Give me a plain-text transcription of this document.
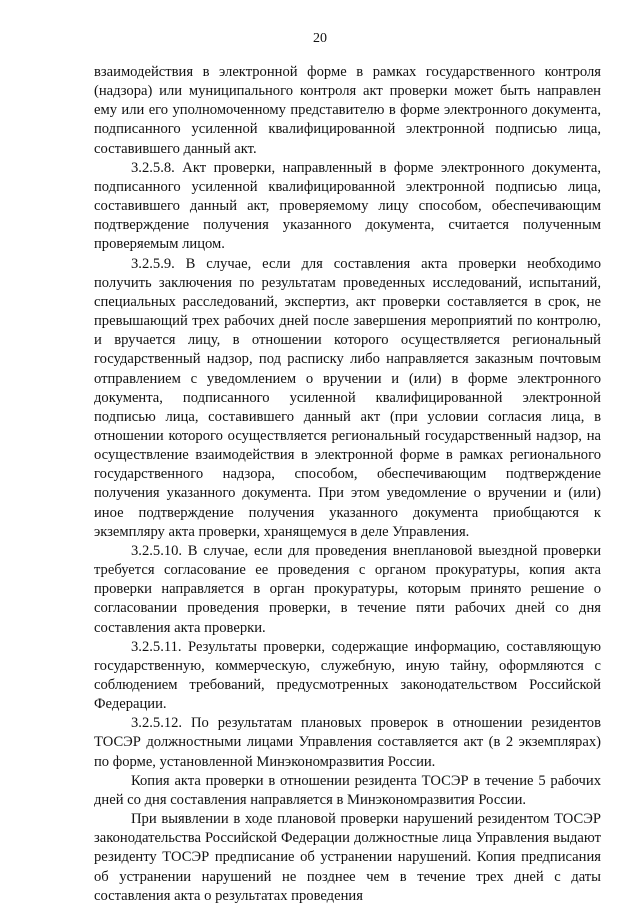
20

взаимодействия в электронной форме в рамках государственного контроля (надзора) или муниципального контроля акт проверки может быть направлен ему или его уполномоченному представителю в форме электронного документа, подписанного усиленной квалифицированной электронной подписью лица, составившего данный акт.

3.2.5.8. Акт проверки, направленный в форме электронного документа, подписанного усиленной квалифицированной электронной подписью лица, составившего данный акт, проверяемому лицу способом, обеспечивающим подтверждение получения указанного документа, считается полученным проверяемым лицом.

3.2.5.9. В случае, если для составления акта проверки необходимо получить заключения по результатам проведенных исследований, испытаний, специальных расследований, экспертиз, акт проверки составляется в срок, не превышающий трех рабочих дней после завершения мероприятий по контролю, и вручается лицу, в отношении которого осуществляется региональный государственный надзор, под расписку либо направляется заказным почтовым отправлением с уведомлением о вручении и (или) в форме электронного документа, подписанного усиленной квалифицированной электронной подписью лица, составившего данный акт (при условии согласия лица, в отношении которого осуществляется региональный государственный надзор, на осуществление взаимодействия в электронной форме в рамках регионального государственного надзора, способом, обеспечивающим подтверждение получения указанного документа. При этом уведомление о вручении и (или) иное подтверждение получения указанного документа приобщаются к экземпляру акта проверки, хранящемуся в деле Управления.

3.2.5.10. В случае, если для проведения внеплановой выездной проверки требуется согласование ее проведения с органом прокуратуры, копия акта проверки направляется в орган прокуратуры, которым принято решение о согласовании проведения проверки, в течение пяти рабочих дней со дня составления акта проверки.

3.2.5.11. Результаты проверки, содержащие информацию, составляющую государственную, коммерческую, служебную, иную тайну, оформляются с соблюдением требований, предусмотренных законодательством Российской Федерации.

3.2.5.12. По результатам плановых проверок в отношении резидентов ТОСЭР должностными лицами Управления составляется акт (в 2 экземплярах) по форме, установленной Минэкономразвития России.

Копия акта проверки в отношении резидента ТОСЭР в течение 5 рабочих дней со дня составления направляется в Минэкономразвития России.

При выявлении в ходе плановой проверки нарушений резидентом ТОСЭР законодательства Российской Федерации должностные лица Управления выдают резиденту ТОСЭР предписание об устранении нарушений. Копия предписания об устранении нарушений не позднее чем в течение трех дней с даты составления акта о результатах проведения
